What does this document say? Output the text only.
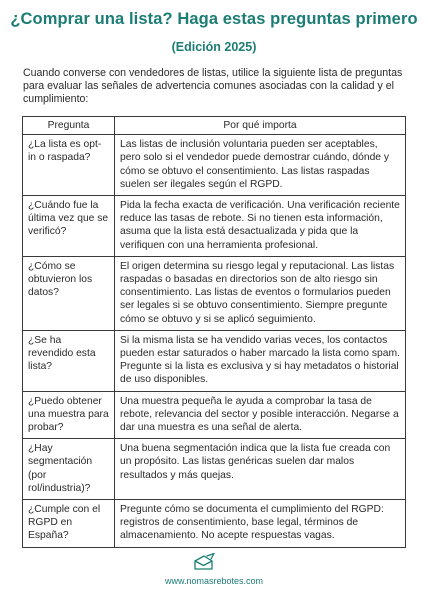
¿Comprar una lista? Haga estas preguntas primero
(Edición 2025)

Cuando converse con vendedores de listas, utilice la siguiente lista de preguntas para evaluar las señales de advertencia comunes asociadas con la calidad y el cumplimiento:

Pregunta	Por qué importa
¿La lista es opt-in o raspada?	Las listas de inclusión voluntaria pueden ser aceptables, pero solo si el vendedor puede demostrar cuándo, dónde y cómo se obtuvo el consentimiento. Las listas raspadas suelen ser ilegales según el RGPD.
¿Cuándo fue la última vez que se verificó?	Pida la fecha exacta de verificación. Una verificación reciente reduce las tasas de rebote. Si no tienen esta información, asuma que la lista está desactualizada y pida que la verifiquen con una herramienta profesional.
¿Cómo se obtuvieron los datos?	El origen determina su riesgo legal y reputacional. Las listas raspadas o basadas en directorios son de alto riesgo sin consentimiento. Las listas de eventos o formularios pueden ser legales si se obtuvo consentimiento. Siempre pregunte cómo se obtuvo y si se aplicó seguimiento.
¿Se ha revendido esta lista?	Si la misma lista se ha vendido varias veces, los contactos pueden estar saturados o haber marcado la lista como spam. Pregunte si la lista es exclusiva y si hay metadatos o historial de uso disponibles.
¿Puedo obtener una muestra para probar?	Una muestra pequeña le ayuda a comprobar la tasa de rebote, relevancia del sector y posible interacción. Negarse a dar una muestra es una señal de alerta.
¿Hay segmentación (por rol/industria)?	Una buena segmentación indica que la lista fue creada con un propósito. Las listas genéricas suelen dar malos resultados y más quejas.
¿Cumple con el RGPD en España?	Pregunte cómo se documenta el cumplimiento del RGPD: registros de consentimiento, base legal, términos de almacenamiento. No acepte respuestas vagas.
www.nomasrebotes.com
